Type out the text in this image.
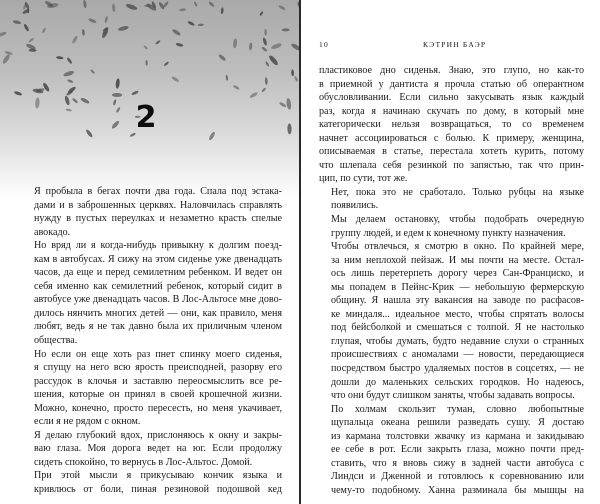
2
Я пробыла в бегах почти два года. Спала под эстака-
дами и в заброшенных церквях. Наловчилась справлять
нужду в пустых переулках и незаметно красть спелые
авокадо.
Но вряд ли я когда-нибудь привыкну к долгим поезд-
кам в автобусах. Я сижу на этом сиденье уже двенадцать
часов, да еще и перед семилетним ребенком. И ведет он
себя именно как семилетний ребенок, который сидит в
автобусе уже двенадцать часов. В Лос-Альтосе мне дово-
дилось нянчить многих детей — они, как правило, меня
любят, ведь я не так давно была их приличным членом
общества.
Но если он еще хоть раз пнет спинку моего сиденья,
я спущу на него всю ярость преисподней, разорву его
рассудок в клочья и заставлю переосмыслить все ре-
шения, которые он принял в своей крошечной жизни.
Можно, конечно, просто пересесть, но меня укачивает,
если я не рядом с окном.
Я делаю глубокий вдох, прислоняюсь к окну и закры-
ваю глаза. Моя дорога ведет на юг. Если продолжу
сидеть спокойно, то вернусь в Лос-Альтос. Домой.
При этой мысли я прикусываю кончик языка и
кривлюсь от боли, пиная резиновой подошвой кед
10	КЭТРИН БАЭР
пластиковое дно сиденья. Знаю, это глупо, но как-то
в приемной у дантиста я прочла статью об оперантном
обусловливании. Если сильно закусывать язык каждый
раз, когда я начинаю скучать по дому, в который мне
категорически нельзя возвращаться, то со временем
начнет ассоциироваться с болью. К примеру, женщина,
описываемая в статье, перестала хотеть курить, потому
что шлепала себя резинкой по запястью, так что прин-
цип, по сути, тот же.
Нет, пока это не сработало. Только рубцы на языке
появились.
Мы делаем остановку, чтобы подобрать очередную
группу людей, и едем к конечному пункту назначения.
Чтобы отвлечься, я смотрю в окно. По крайней мере,
за ним неплохой пейзаж. И мы почти на месте. Остал-
ось лишь перетерпеть дорогу через Сан-Франциско, и
мы попадем в Пейнс-Крик — небольшую фермерскую
общину. Я нашла эту вакансия на заводе по расфасов-
ке миндаля... идеальное место, чтобы спрятать волосы
под бейсболкой и смешаться с толпой. Я не настолько
глупая, чтобы думать, будто недавние слухи о странных
происшествиях с аномалами — новости, передающиеся
посредством быстро удаляемых постов в соцсетях, — не
дошли до маленьких сельских городков. Но надеюсь,
что они будут слишком заняты, чтобы задавать вопросы.
По холмам скользит туман, словно любопытные
щупальца океана решили разведать сушу. Я достаю
из кармана толстовки жвачку из кармана и закидываю
ее себе в рот. Если закрыть глаза, можно почти пред-
ставить, что я вновь сижу в задней части автобуса с
Линдси и Дженной и готовлюсь к соревнованию или
чему-то подобному. Ханна разминала бы мышцы на
